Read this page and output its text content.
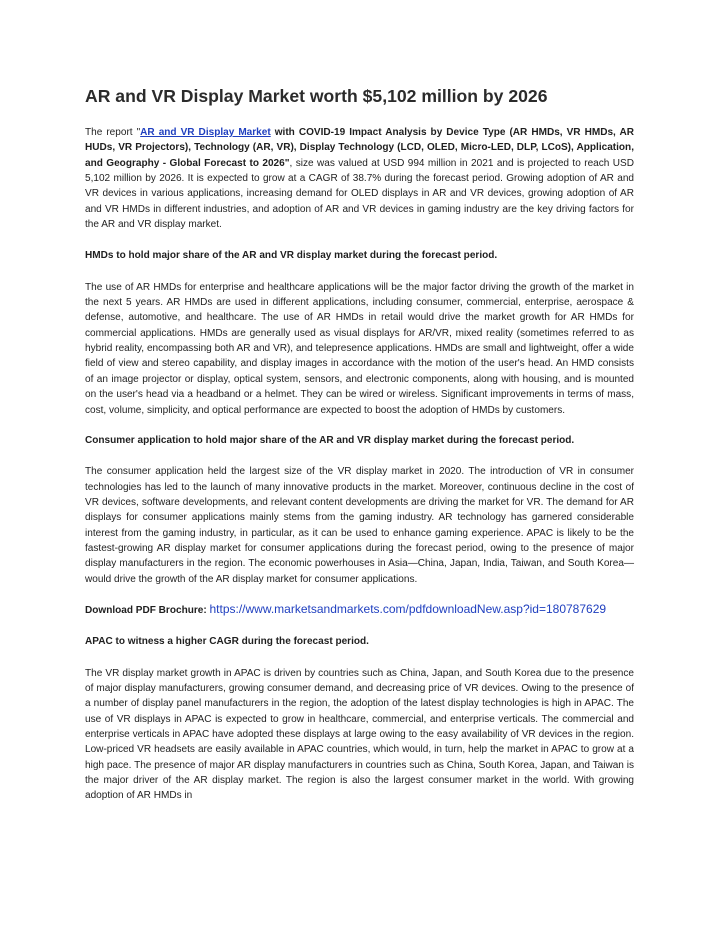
AR and VR Display Market worth $5,102 million by 2026

The report "AR and VR Display Market with COVID-19 Impact Analysis by Device Type (AR HMDs, VR HMDs, AR HUDs, VR Projectors), Technology (AR, VR), Display Technology (LCD, OLED, Micro-LED, DLP, LCoS), Application, and Geography - Global Forecast to 2026", size was valued at USD 994 million in 2021 and is projected to reach USD 5,102 million by 2026. It is expected to grow at a CAGR of 38.7% during the forecast period. Growing adoption of AR and VR devices in various applications, increasing demand for OLED displays in AR and VR devices, growing adoption of AR and VR HMDs in different industries, and adoption of AR and VR devices in gaming industry are the key driving factors for the AR and VR display market.

HMDs to hold major share of the AR and VR display market during the forecast period.

The use of AR HMDs for enterprise and healthcare applications will be the major factor driving the growth of the market in the next 5 years. AR HMDs are used in different applications, including consumer, commercial, enterprise, aerospace & defense, automotive, and healthcare. The use of AR HMDs in retail would drive the market growth for AR HMDs for commercial applications. HMDs are generally used as visual displays for AR/VR, mixed reality (sometimes referred to as hybrid reality, encompassing both AR and VR), and telepresence applications. HMDs are small and lightweight, offer a wide field of view and stereo capability, and display images in accordance with the motion of the user's head. An HMD consists of an image projector or display, optical system, sensors, and electronic components, along with housing, and is mounted on the user's head via a headband or a helmet. They can be wired or wireless. Significant improvements in terms of mass, cost, volume, simplicity, and optical performance are expected to boost the adoption of HMDs by customers.

Consumer application to hold major share of the AR and VR display market during the forecast period.

The consumer application held the largest size of the VR display market in 2020. The introduction of VR in consumer technologies has led to the launch of many innovative products in the market. Moreover, continuous decline in the cost of VR devices, software developments, and relevant content developments are driving the market for VR. The demand for AR displays for consumer applications mainly stems from the gaming industry. AR technology has garnered considerable interest from the gaming industry, in particular, as it can be used to enhance gaming experience. APAC is likely to be the fastest-growing AR display market for consumer applications during the forecast period, owing to the presence of major display manufacturers in the region. The economic powerhouses in Asia—China, Japan, India, Taiwan, and South Korea—would drive the growth of the AR display market for consumer applications.

Download PDF Brochure: https://www.marketsandmarkets.com/pdfdownloadNew.asp?id=180787629

APAC to witness a higher CAGR during the forecast period.

The VR display market growth in APAC is driven by countries such as China, Japan, and South Korea due to the presence of major display manufacturers, growing consumer demand, and decreasing price of VR devices. Owing to the presence of a number of display panel manufacturers in the region, the adoption of the latest display technologies is high in APAC. The use of VR displays in APAC is expected to grow in healthcare, commercial, and enterprise verticals. The commercial and enterprise verticals in APAC have adopted these displays at large owing to the easy availability of VR devices in the region. Low-priced VR headsets are easily available in APAC countries, which would, in turn, help the market in APAC to grow at a high pace. The presence of major AR display manufacturers in countries such as China, South Korea, Japan, and Taiwan is the major driver of the AR display market. The region is also the largest consumer market in the world. With growing adoption of AR HMDs in
